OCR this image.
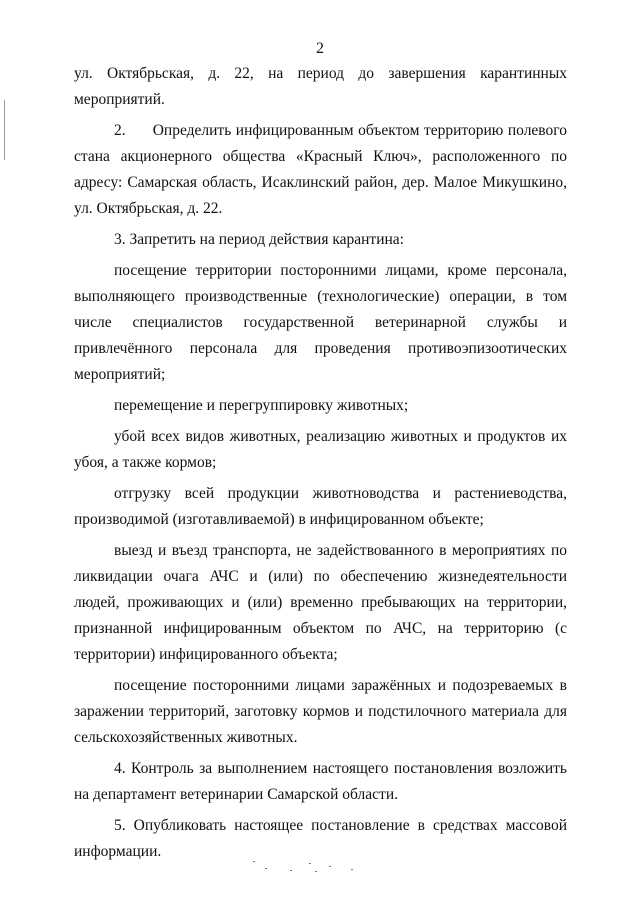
2

ул. Октябрьская, д. 22, на период до завершения карантинных мероприятий.

2.      Определить инфицированным объектом территорию полевого стана акционерного общества «Красный Ключ», расположенного по адресу: Самарская область, Исаклинский район, дер. Малое Микушкино, ул. Октябрьская, д. 22.

3. Запретить на период действия карантина:

посещение территории посторонними лицами, кроме персонала, выполняющего производственные (технологические) операции, в том числе специалистов государственной ветеринарной службы и привлечённого персонала для проведения противоэпизоотических мероприятий;

перемещение и перегруппировку животных;

убой всех видов животных, реализацию животных и продуктов их убоя, а также кормов;

отгрузку всей продукции животноводства и растениеводства, производимой (изготавливаемой) в инфицированном объекте;

выезд и въезд транспорта, не задействованного в мероприятиях по ликвидации очага АЧС и (или) по обеспечению жизнедеятельности людей, проживающих и (или) временно пребывающих на территории, признанной инфицированным объектом по АЧС, на территорию (с территории) инфицированного объекта;

посещение посторонними лицами заражённых и подозреваемых в заражении территорий, заготовку кормов и подстилочного материала для сельскохозяйственных животных.

4. Контроль за выполнением настоящего постановления возложить на департамент ветеринарии Самарской области.

5. Опубликовать настоящее постановление в средствах массовой информации.
